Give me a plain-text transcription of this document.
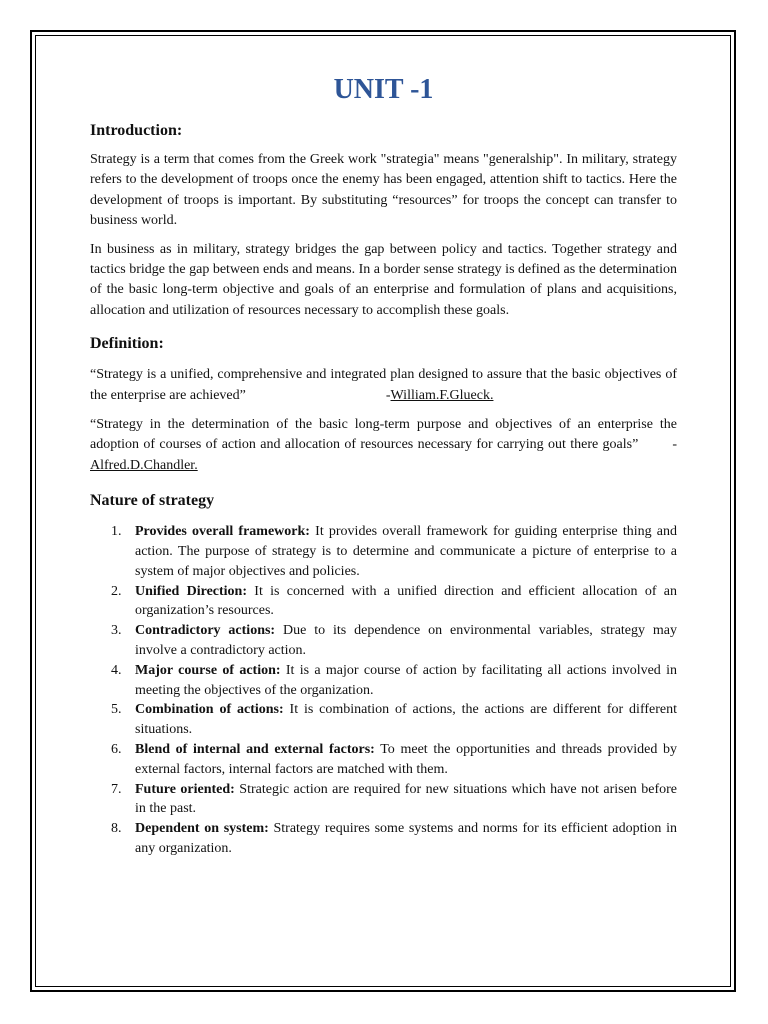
UNIT -1
Introduction:

Strategy is a term that comes from the Greek work "strategia" means "generalship". In military, strategy refers to the development of troops once the enemy has been engaged, attention shift to tactics. Here the development of troops is important. By substituting “resources” for troops the concept can transfer to business world.

In business as in military, strategy bridges the gap between policy and tactics. Together strategy and tactics bridge the gap between ends and means. In a border sense strategy is defined as the determination of the basic long-term objective and goals of an enterprise and formulation of plans and acquisitions, allocation and utilization of resources necessary to accomplish these goals.

Definition:

“Strategy is a unified, comprehensive and integrated plan designed to assure that the basic objectives of the enterprise are achieved”	-William.F.Glueck.

“Strategy in the determination of the basic long-term purpose and objectives of an enterprise the adoption of courses of action and allocation of resources necessary for carrying out there goals” -Alfred.D.Chandler.

Nature of strategy
1. Provides overall framework: It provides overall framework for guiding enterprise thing and action. The purpose of strategy is to determine and communicate a picture of enterprise to a system of major objectives and policies.
2. Unified Direction: It is concerned with a unified direction and efficient allocation of an organization’s resources.
3. Contradictory actions: Due to its dependence on environmental variables, strategy may involve a contradictory action.
4. Major course of action: It is a major course of action by facilitating all actions involved in meeting the objectives of the organization.
5. Combination of actions: It is combination of actions, the actions are different for different situations.
6. Blend of internal and external factors: To meet the opportunities and threads provided by external factors, internal factors are matched with them.
7. Future oriented: Strategic action are required for new situations which have not arisen before in the past.
8. Dependent on system: Strategy requires some systems and norms for its efficient adoption in any organization.
